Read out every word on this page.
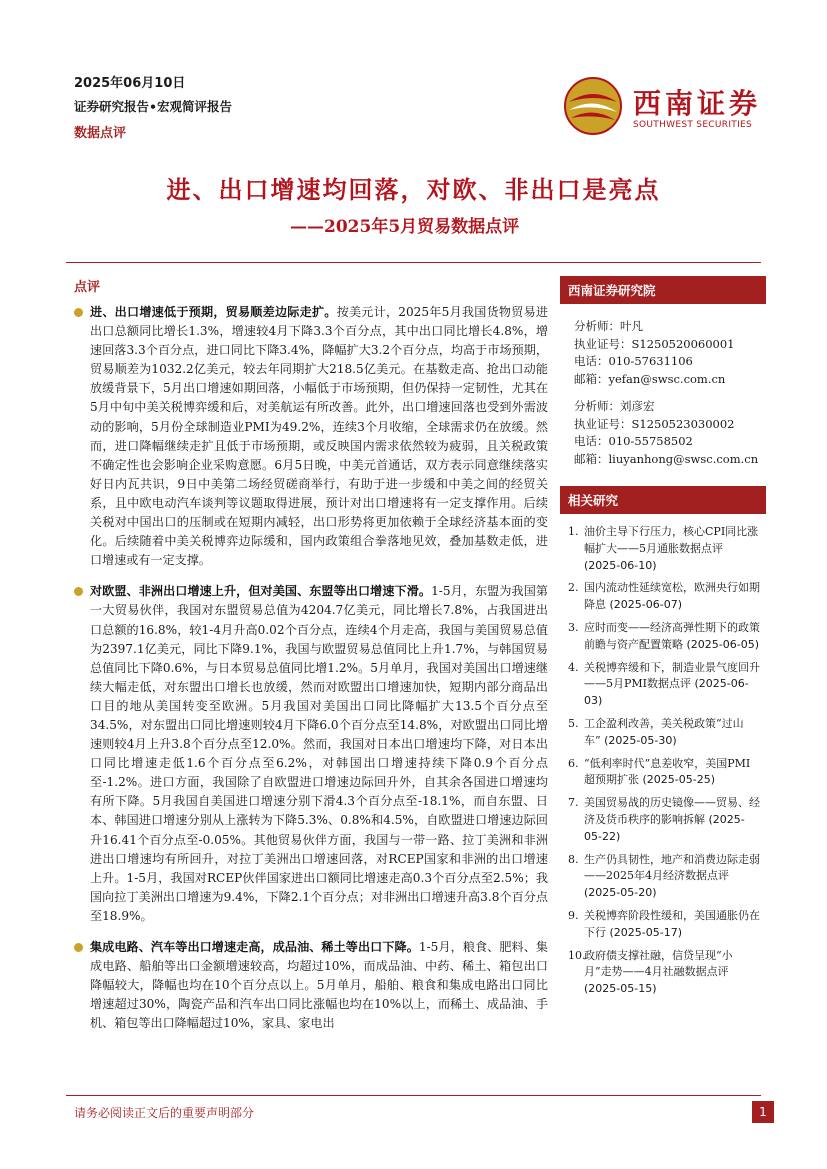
2025年06月10日
证券研究报告•宏观简评报告
数据点评
西南证券
SOUTHWEST SECURITIES
进、出口增速均回落，对欧、非出口是亮点
——2025年5月贸易数据点评
点评
进、出口增速低于预期，贸易顺差边际走扩。按美元计，2025年5月我国货物贸易进出口总额同比增长1.3%，增速较4月下降3.3个百分点，其中出口同比增长4.8%，增速回落3.3个百分点，进口同比下降3.4%，降幅扩大3.2个百分点，均高于市场预期，贸易顺差为1032.2亿美元，较去年同期扩大218.5亿美元。在基数走高、抢出口动能放缓背景下，5月出口增速如期回落，小幅低于市场预期，但仍保持一定韧性，尤其在5月中旬中美关税博弈缓和后，对美航运有所改善。此外，出口增速回落也受到外需波动的影响，5月份全球制造业PMI为49.2%，连续3个月收缩，全球需求仍在放缓。然而，进口降幅继续走扩且低于市场预期，或反映国内需求依然较为疲弱，且关税政策不确定性也会影响企业采购意愿。6月5日晚，中美元首通话，双方表示同意继续落实好日内瓦共识，9日中美第二场经贸磋商举行，有助于进一步缓和中美之间的经贸关系，且中欧电动汽车谈判等议题取得进展，预计对出口增速将有一定支撑作用。后续关税对中国出口的压制或在短期内减轻，出口形势将更加依赖于全球经济基本面的变化。后续随着中美关税博弈边际缓和，国内政策组合拳落地见效，叠加基数走低，进口增速或有一定支撑。
对欧盟、非洲出口增速上升，但对美国、东盟等出口增速下滑。1-5月，东盟为我国第一大贸易伙伴，我国对东盟贸易总值为4204.7亿美元，同比增长7.8%，占我国进出口总额的16.8%，较1-4月升高0.02个百分点，连续4个月走高，我国与美国贸易总值为2397.1亿美元，同比下降9.1%，我国与欧盟贸易总值同比上升1.7%，与韩国贸易总值同比下降0.6%，与日本贸易总值同比增1.2%。5月单月，我国对美国出口增速继续大幅走低，对东盟出口增长也放缓，然而对欧盟出口增速加快，短期内部分商品出口目的地从美国转变至欧洲。5月我国对美国出口同比降幅扩大13.5个百分点至34.5%，对东盟出口同比增速则较4月下降6.0个百分点至14.8%，对欧盟出口同比增速则较4月上升3.8个百分点至12.0%。然而，我国对日本出口增速均下降，对日本出口同比增速走低1.6个百分点至6.2%，对韩国出口增速持续下降0.9个百分点至-1.2%。进口方面，我国除了自欧盟进口增速边际回升外，自其余各国进口增速均有所下降。5月我国自美国进口增速分别下滑4.3个百分点至-18.1%，而自东盟、日本、韩国进口增速分别从上涨转为下降5.3%、0.8%和4.5%，自欧盟进口增速边际回升16.41个百分点至-0.05%。其他贸易伙伴方面，我国与一带一路、拉丁美洲和非洲进出口增速均有所回升，对拉丁美洲出口增速回落，对RCEP国家和非洲的出口增速上升。1-5月，我国对RCEP伙伴国家进出口额同比增速走高0.3个百分点至2.5%；我国向拉丁美洲出口增速为9.4%，下降2.1个百分点；对非洲出口增速升高3.8个百分点至18.9%。
集成电路、汽车等出口增速走高，成品油、稀土等出口下降。1-5月，粮食、肥料、集成电路、船舶等出口金额增速较高，均超过10%，而成品油、中药、稀土、箱包出口降幅较大，降幅也均在10个百分点以上。5月单月，船舶、粮食和集成电路出口同比增速超过30%，陶瓷产品和汽车出口同比涨幅也均在10%以上，而稀土、成品油、手机、箱包等出口降幅超过10%，家具、家电出
西南证券研究院
分析师：叶凡
执业证号：S1250520060001
电话：010-57631106
邮箱：yefan@swsc.com.cn
分析师：刘彦宏
执业证号：S1250523030002
电话：010-55758502
邮箱：liuyanhong@swsc.com.cn
相关研究
1. 油价主导下行压力，核心CPI同比涨幅扩大——5月通胀数据点评 (2025-06-10)
2. 国内流动性延续宽松，欧洲央行如期降息 (2025-06-07)
3. 应时而变——经济高弹性期下的政策前瞻与资产配置策略 (2025-06-05)
4. 关税博弈缓和下，制造业景气度回升——5月PMI数据点评 (2025-06-03)
5. 工企盈利改善，美关税政策“过山车” (2025-05-30)
6. “低利率时代”息差收窄，美国PMI超预期扩张 (2025-05-25)
7. 美国贸易战的历史镜像——贸易、经济及货币秩序的影响拆解 (2025-05-22)
8. 生产仍具韧性，地产和消费边际走弱——2025年4月经济数据点评 (2025-05-20)
9. 关税博弈阶段性缓和，美国通胀仍在下行 (2025-05-17)
10.
政府债支撑社融，信贷呈现“小月”走势——4月社融数据点评 (2025-05-15)
请务必阅读正文后的重要声明部分	1
